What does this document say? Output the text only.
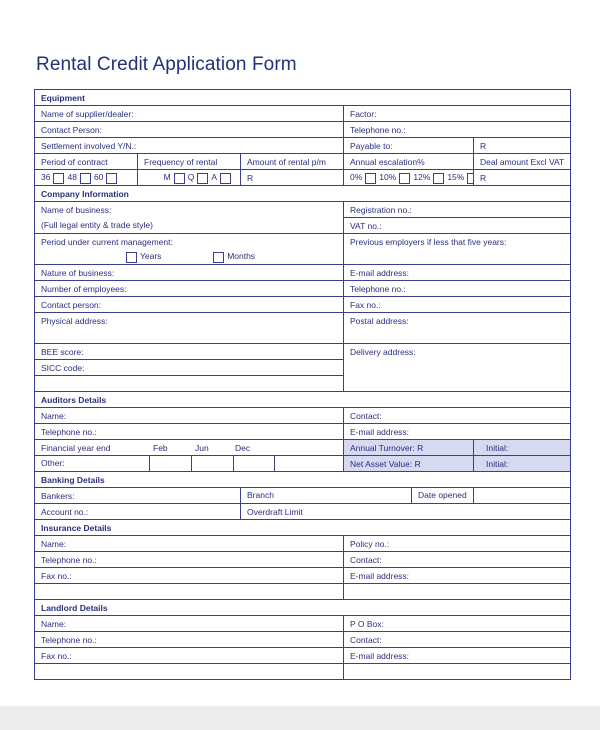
Rental Credit Application Form
Equipment				
Name of supplier/dealer:			Factor:	
Contact Person:			Telephone no.:	
Settlement involved Y/N.:			Payable to:	R
Period of contract	Frequency of rental	Amount of rental p/m	Annual escalation%	Deal amount Excl VAT
36 48 60	M Q A	R	0% 10% 12% 15%	R
Company Information				
Name of business:			Registration no.:	
(Full legal entity & trade style)			VAT no.:	
Period under current management:			Previous employers if less that five years:	
Years Months				
Nature of business:			E-mail address:	
Number of employees:			Telephone no.:	
Contact person:			Fax no.:	
Physical address:			Postal address:	

BEE score:			Delivery address:	
SICC code:				

Auditors Details				
Name:			Contact:	
Telephone no.:			E-mail address:	
Financial year end Feb Jun Dec			Annual Turnover: R	Initial:

Other:			Net Asset Value: R	Initial:
Banking Details				
Bankers:		Branch Date opened		

Account no.:		Overdraft Limit		
Insurance Details				
Name:			Policy no.:	
Telephone no.:			Contact:	
Fax no.:			E-mail address:	

Landlord Details				
Name:			P O Box:	
Telephone no.:			Contact:	
Fax no.:			E-mail address:	
